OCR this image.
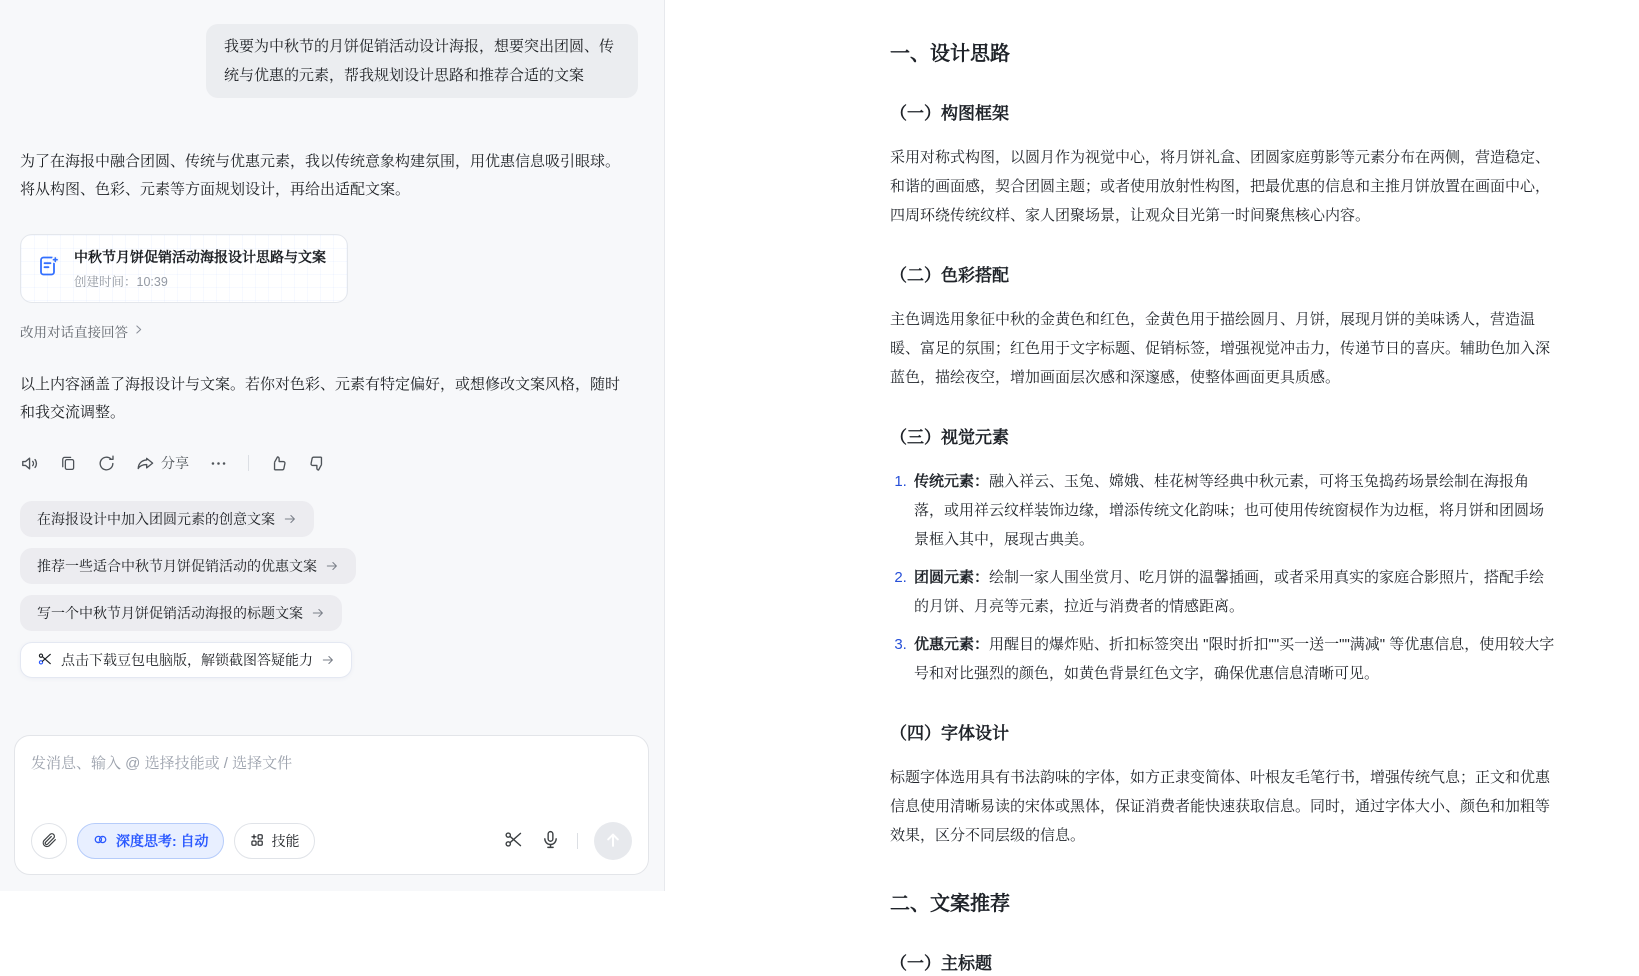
我要为中秋节的月饼促销活动设计海报，想要突出团圆、传统与优惠的元素，帮我规划设计思路和推荐合适的文案
为了在海报中融合团圆、传统与优惠元素，我以传统意象构建氛围，用优惠信息吸引眼球。将从构图、色彩、元素等方面规划设计，再给出适配文案。
中秋节月饼促销活动海报设计思路与文案
创建时间：10:39
改用对话直接回答
以上内容涵盖了海报设计与文案。若你对色彩、元素有特定偏好，或想修改文案风格，随时和我交流调整。
分享
在海报设计中加入团圆元素的创意文案
推荐一些适合中秋节月饼促销活动的优惠文案
写一个中秋节月饼促销活动海报的标题文案
点击下载豆包电脑版，解锁截图答疑能力
发消息、输入 @ 选择技能或 / 选择文件
深度思考: 自动	技能
一、设计思路
（一）构图框架

采用对称式构图，以圆月作为视觉中心，将月饼礼盒、团圆家庭剪影等元素分布在两侧，营造稳定、和谐的画面感，契合团圆主题；或者使用放射性构图，把最优惠的信息和主推月饼放置在画面中心，四周环绕传统纹样、家人团聚场景，让观众目光第一时间聚焦核心内容。

（二）色彩搭配

主色调选用象征中秋的金黄色和红色，金黄色用于描绘圆月、月饼，展现月饼的美味诱人，营造温暖、富足的氛围；红色用于文字标题、促销标签，增强视觉冲击力，传递节日的喜庆。辅助色加入深蓝色，描绘夜空，增加画面层次感和深邃感，使整体画面更具质感。

（三）视觉元素
1. 传统元素：融入祥云、玉兔、嫦娥、桂花树等经典中秋元素，可将玉兔捣药场景绘制在海报角落，或用祥云纹样装饰边缘，增添传统文化韵味；也可使用传统窗棂作为边框，将月饼和团圆场景框入其中，展现古典美。
2. 团圆元素：绘制一家人围坐赏月、吃月饼的温馨插画，或者采用真实的家庭合影照片，搭配手绘的月饼、月亮等元素，拉近与消费者的情感距离。
3. 优惠元素：用醒目的爆炸贴、折扣标签突出 "限时折扣""买一送一""满减" 等优惠信息，使用较大字号和对比强烈的颜色，如黄色背景红色文字，确保优惠信息清晰可见。
（四）字体设计

标题字体选用具有书法韵味的字体，如方正隶变简体、叶根友毛笔行书，增强传统气息；正文和优惠信息使用清晰易读的宋体或黑体，保证消费者能快速获取信息。同时，通过字体大小、颜色和加粗等效果，区分不同层级的信息。

二、文案推荐
（一）主标题
